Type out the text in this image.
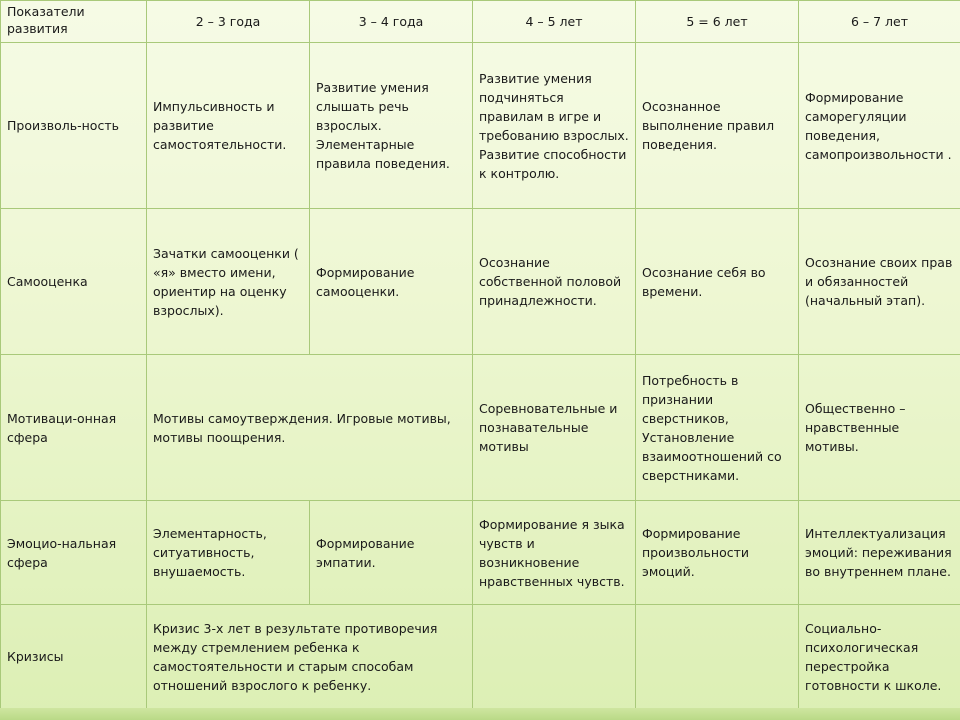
Показатели развития	2 – 3 года	3 – 4 года	4 – 5 лет	5 = 6 лет	6 – 7 лет
Произволь-ность	Импульсивность и развитие самостоятельности.	Развитие умения слышать речь взрослых. Элементарные правила поведения.	Развитие умения подчиняться правилам в игре и требованию взрослых. Развитие способности к контролю.	Осознанное выполнение правил поведения.	Формирование саморегуляции поведения, самопроизвольности .
Самооценка	Зачатки самооценки ( «я» вместо имени, ориентир на оценку взрослых).	Формирование самооценки.	Осознание собственной половой принадлежности.	Осознание себя во времени.	Осознание своих прав и обязанностей (начальный этап).
Мотиваци-онная сфера	Мотивы самоутверждения. Игровые мотивы, мотивы поощрения.		Соревновательные и познавательные мотивы	Потребность в признании сверстников, Установление взаимоотношений со сверстниками.	Общественно – нравственные мотивы.
Эмоцио-нальная сфера	Элементарность, ситуативность, внушаемость.	Формирование эмпатии.	Формирование я зыка чувств и возникновение нравственных чувств.	Формирование произвольности эмоций.	Интеллектуализация эмоций: переживания во внутреннем плане.
Кризисы	Кризис 3-х лет в результате противоречия между стремлением ребенка к самостоятельности и старым способам отношений взрослого к ребенку.				Социально-психологическая перестройка готовности к школе.
